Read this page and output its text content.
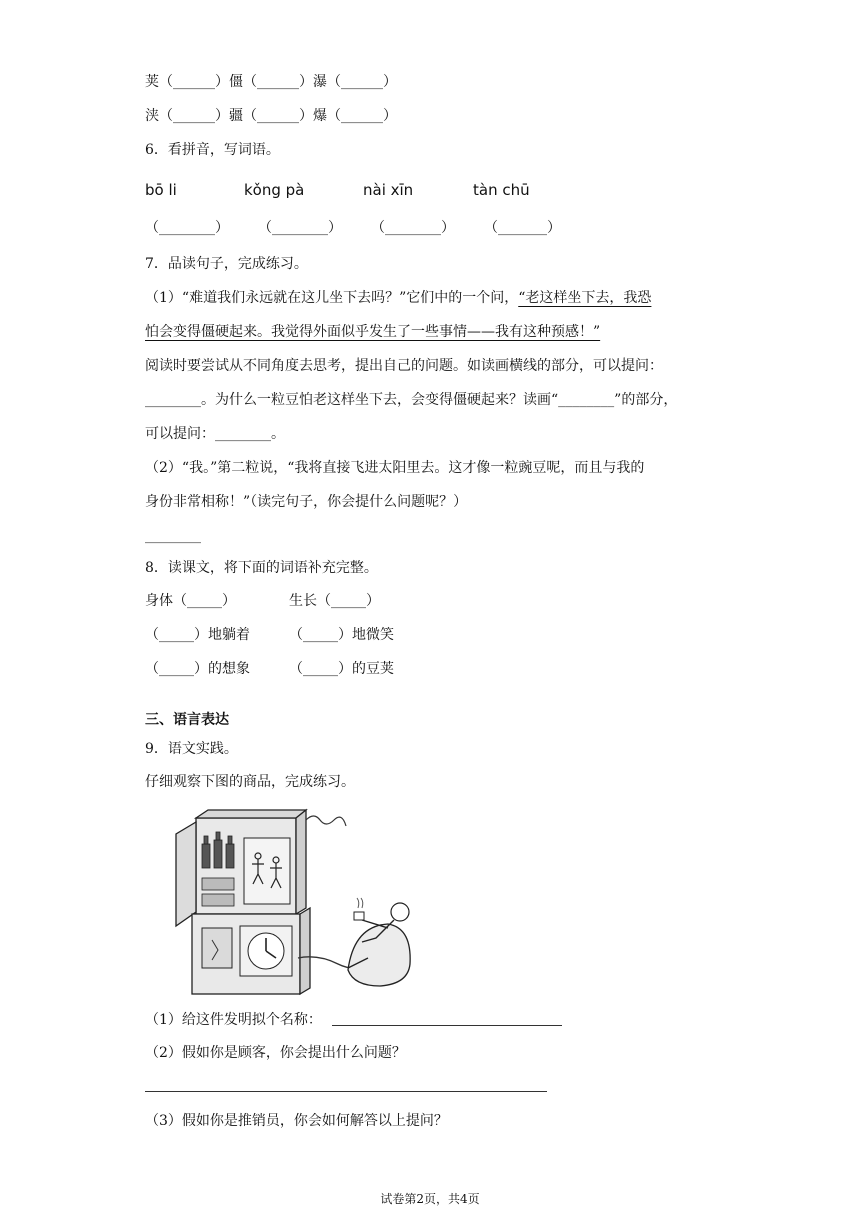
荚（______）僵（______）瀑（______）
浃（______）疆（______）爆（______）
6．看拼音，写词语。
bō li	kǒng pà	nài xīn	tàn chū
（________） （________） （________） （_______）
7．品读句子，完成练习。
（1）“难道我们永远就在这儿坐下去吗？”它们中的一个问，“老这样坐下去，我恐
怕会变得僵硬起来。我觉得外面似乎发生了一些事情——我有这种预感！”
阅读时要尝试从不同角度去思考，提出自己的问题。如读画横线的部分，可以提问：
________。为什么一粒豆怕老这样坐下去，会变得僵硬起来？读画“________”的部分，
可以提问：________。
（2）“我。”第二粒说，“我将直接飞进太阳里去。这才像一粒豌豆呢，而且与我的
身份非常相称！”（读完句子，你会提什么问题呢？）
________
8．读课文，将下面的词语补充完整。
身体（_____）	生长（_____）
（_____）地躺着	（_____）地微笑
（_____）的想象	（_____）的豆荚
三、语言表达
9．语文实践。
仔细观察下图的商品，完成练习。
（1）给这件发明拟个名称：
（2）假如你是顾客，你会提出什么问题？
（3）假如你是推销员，你会如何解答以上提问？
试卷第2页，共4页
